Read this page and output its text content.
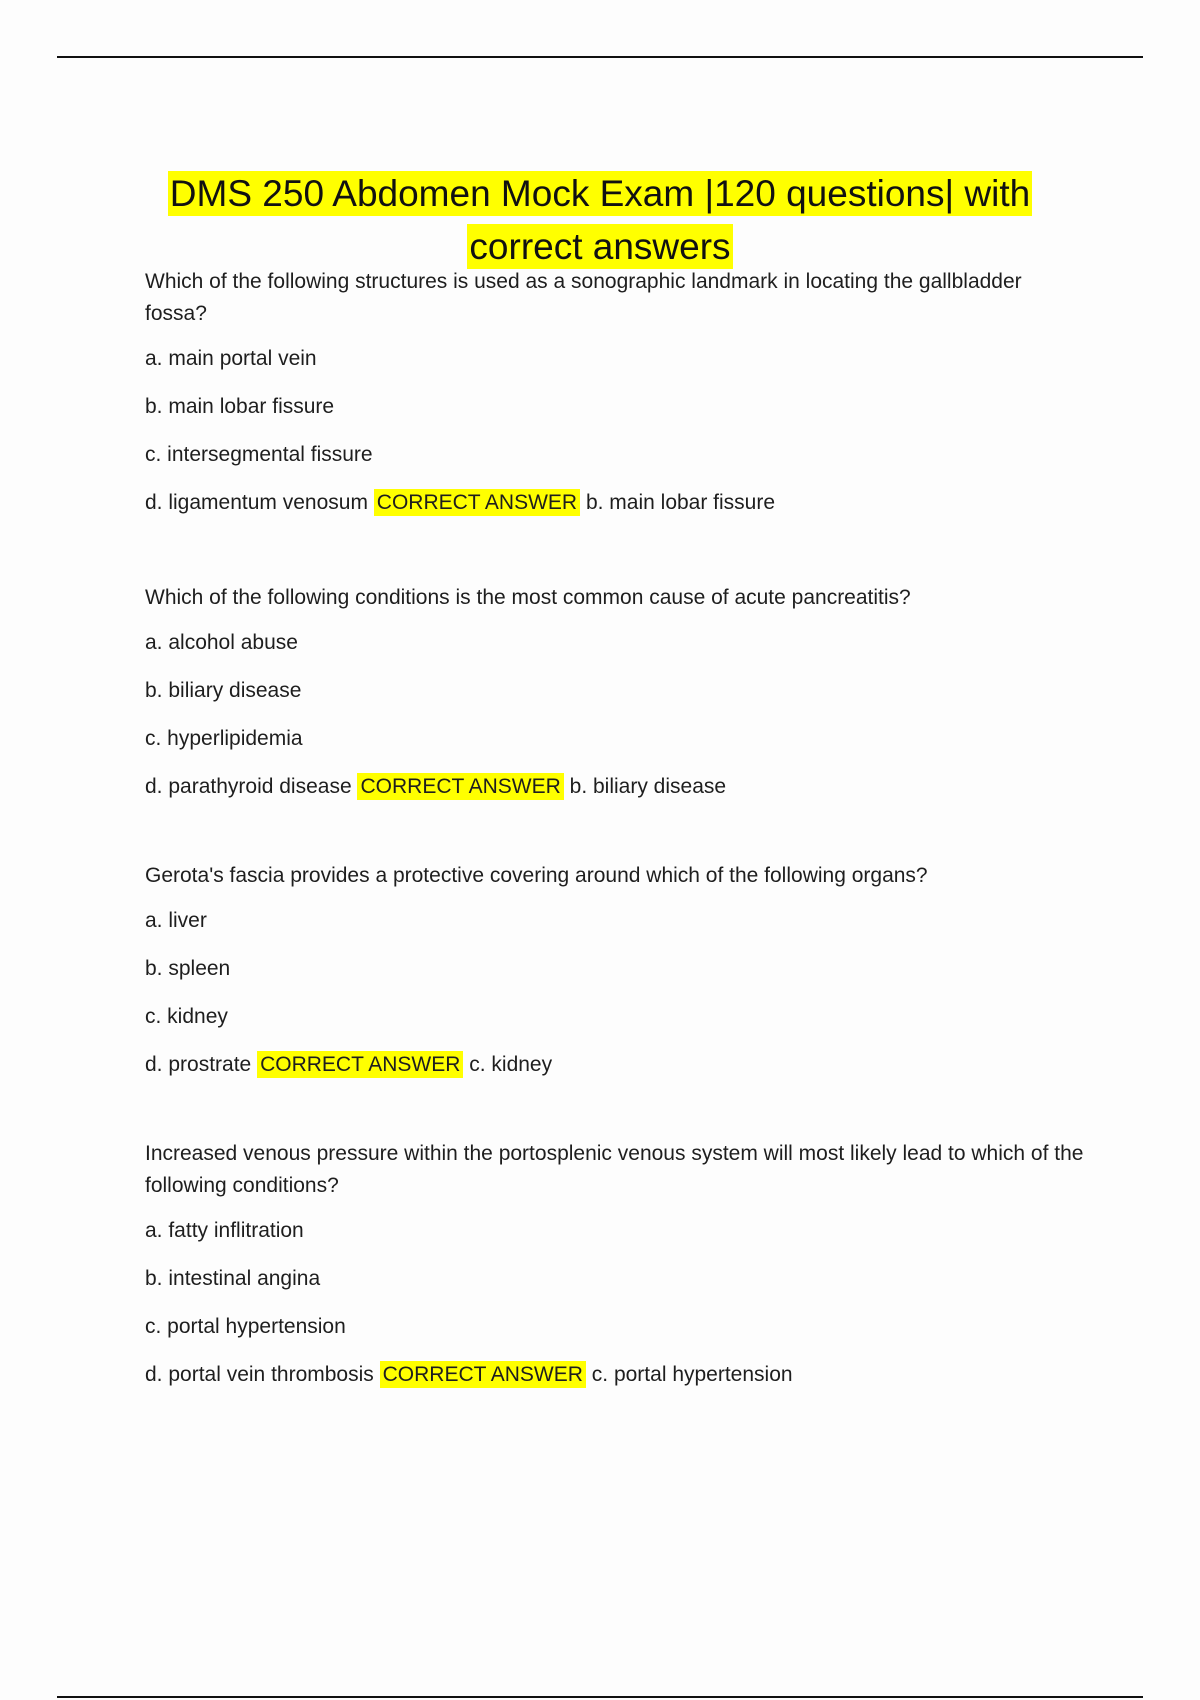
DMS 250 Abdomen Mock Exam |120 questions| with
correct answers
Which of the following structures is used as a sonographic landmark in locating the gallbladder fossa?
a. main portal vein
b. main lobar fissure
c. intersegmental fissure
d. ligamentum venosum CORRECT ANSWER b. main lobar fissure
Which of the following conditions is the most common cause of acute pancreatitis?
a. alcohol abuse
b. biliary disease
c. hyperlipidemia
d. parathyroid disease CORRECT ANSWER b. biliary disease
Gerota's fascia provides a protective covering around which of the following organs?
a. liver
b. spleen
c. kidney
d. prostrate CORRECT ANSWER c. kidney
Increased venous pressure within the portosplenic venous system will most likely lead to which of the following conditions?
a. fatty inflitration
b. intestinal angina
c. portal hypertension
d. portal vein thrombosis CORRECT ANSWER c. portal hypertension
